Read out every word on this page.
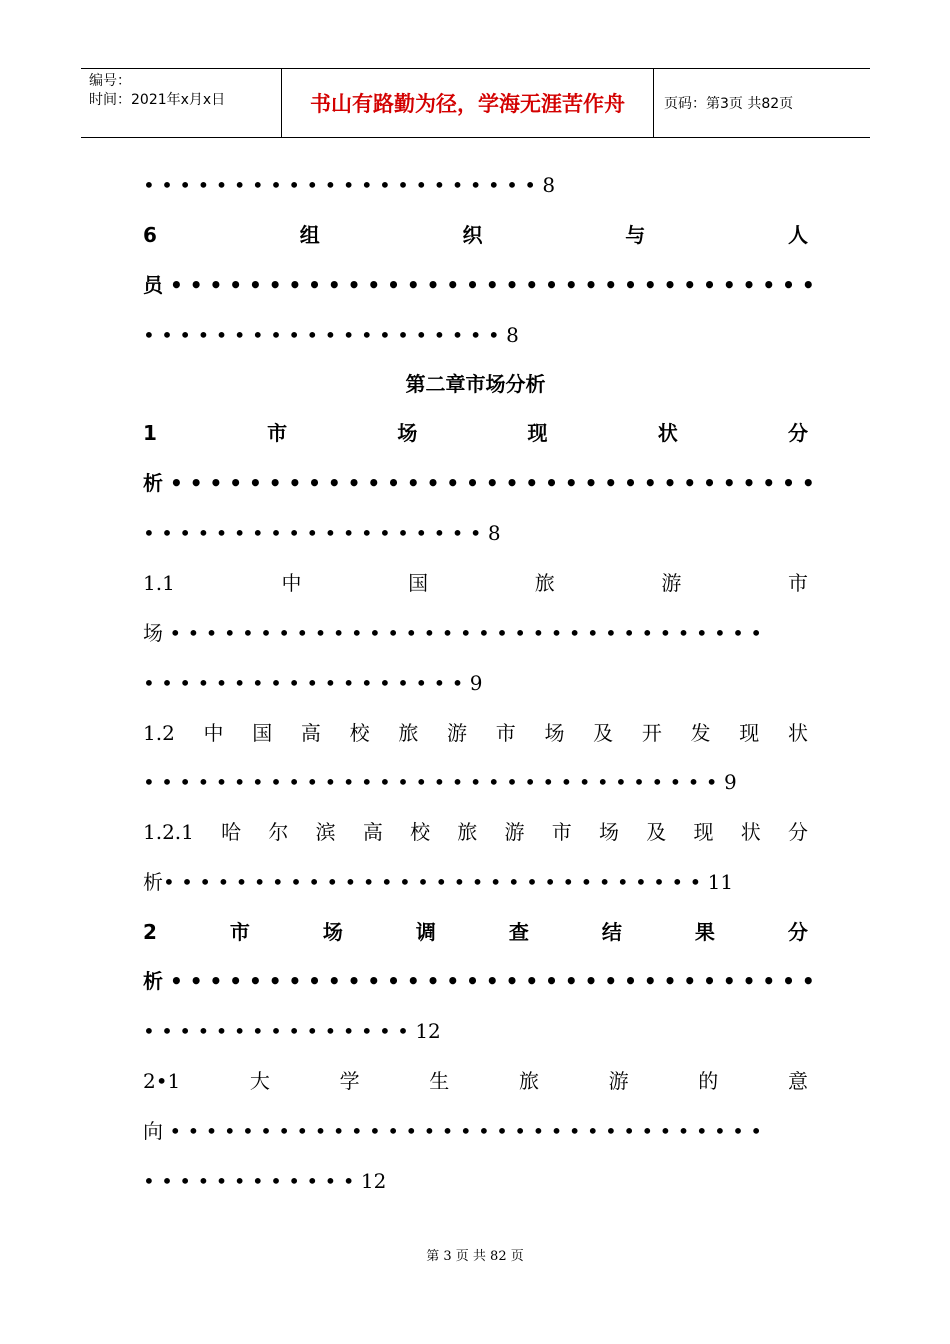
编号：
时间：2021年x月x日	书山有路勤为径，学海无涯苦作舟	页码：第3页 共82页
• • • • • • • • • • • • • • • • • • • • • • 8
6	组	织	与	人
员 • • • • • • • • • • • • • • • • • • • • • • • • • • • • • • • • •
• • • • • • • • • • • • • • • • • • • • 8
第二章市场分析
1	市	场	现	状	分
析 • • • • • • • • • • • • • • • • • • • • • • • • • • • • • • • • •
• • • • • • • • • • • • • • • • • • • 8
1.1	中	国	旅	游	市
场 • • • • • • • • • • • • • • • • • • • • • • • • • • • • • • • • •
• • • • • • • • • • • • • • • • • • 9
1.2 中 国 高 校 旅 游 市 场 及 开 发 现 状
• • • • • • • • • • • • • • • • • • • • • • • • • • • • • • • • 9
1.2.1 哈 尔 滨 高 校 旅 游 市 场 及 现 状 分
析• • • • • • • • • • • • • • • • • • • • • • • • • • • • • • 11
2	市	场	调	查	结	果	分
析 • • • • • • • • • • • • • • • • • • • • • • • • • • • • • • • • •
• • • • • • • • • • • • • • • 12
2•1	大	学	生	旅	游	的	意
向 • • • • • • • • • • • • • • • • • • • • • • • • • • • • • • • • •
• • • • • • • • • • • • 12
第 3 页 共 82 页
